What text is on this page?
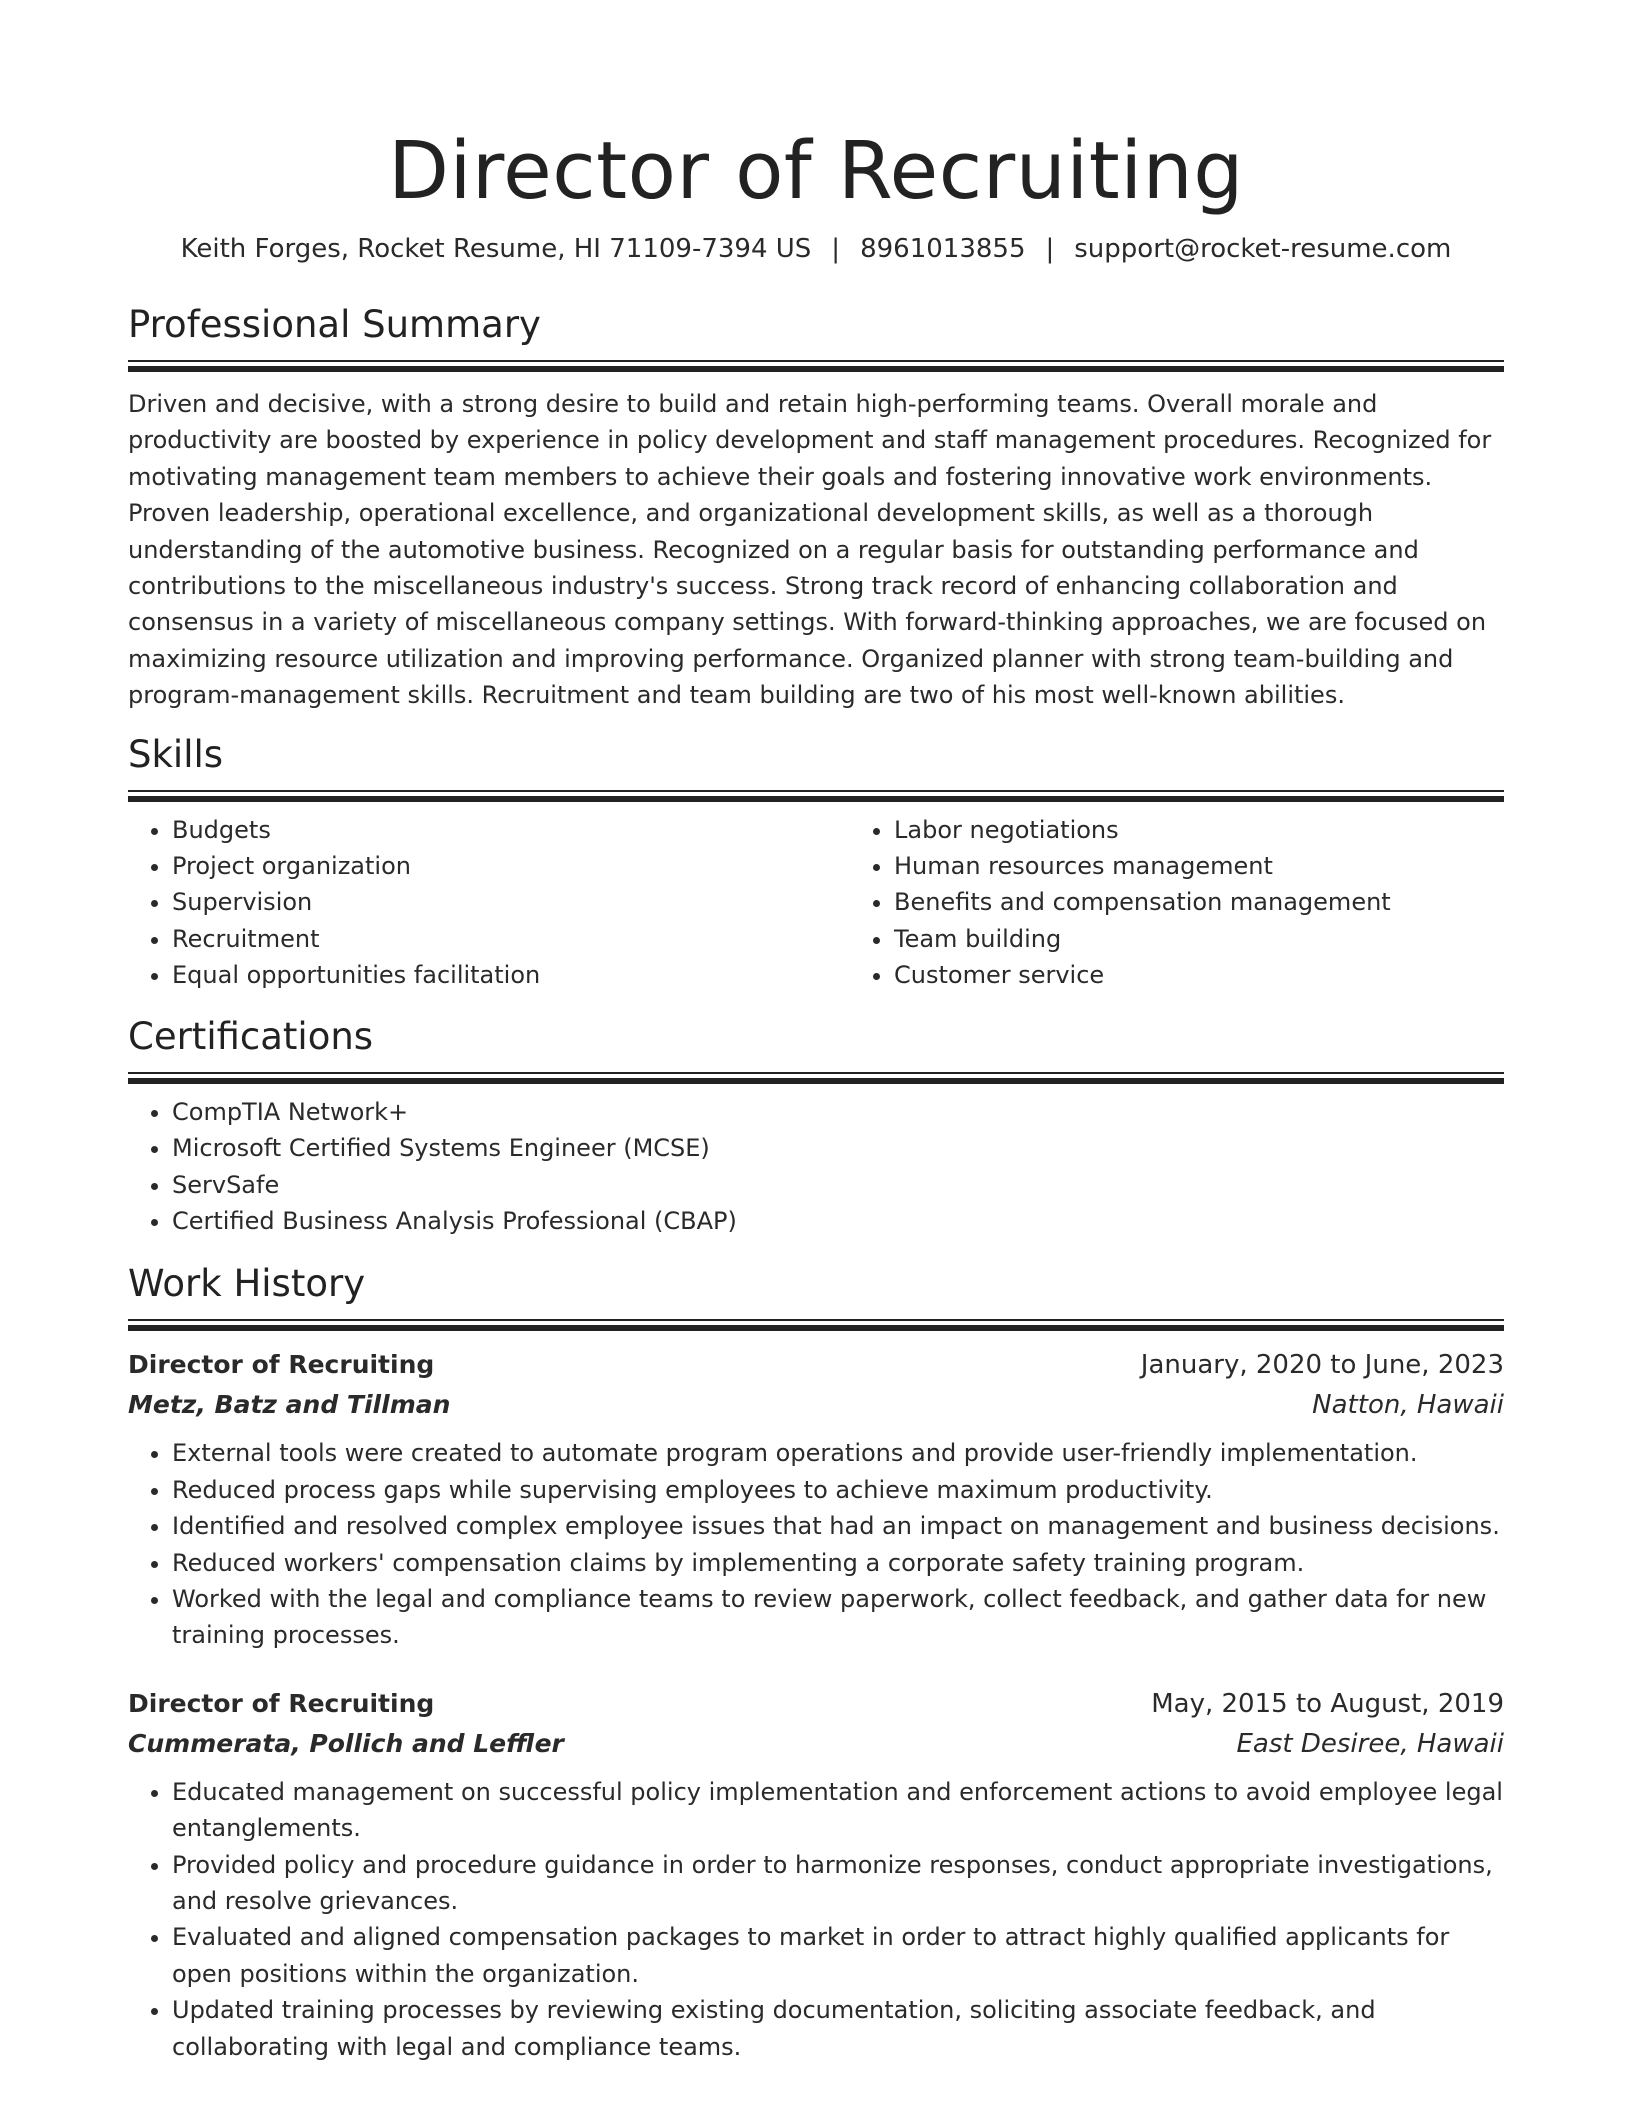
Director of Recruiting
Keith Forges, Rocket Resume, HI 71109-7394 US | 8961013855 | support@rocket-resume.com
Professional Summary

Driven and decisive, with a strong desire to build and retain high-performing teams. Overall morale and productivity are boosted by experience in policy development and staff management procedures. Recognized for motivating management team members to achieve their goals and fostering innovative work environments. Proven leadership, operational excellence, and organizational development skills, as well as a thorough understanding of the automotive business. Recognized on a regular basis for outstanding performance and contributions to the miscellaneous industry's success. Strong track record of enhancing collaboration and consensus in a variety of miscellaneous company settings. With forward-thinking approaches, we are focused on maximizing resource utilization and improving performance. Organized planner with strong team-building and program-management skills. Recruitment and team building are two of his most well-known abilities.

Skills
• Budgets
• Project organization
• Supervision
• Recruitment
• Equal opportunities facilitation
• Labor negotiations
• Human resources management
• Benefits and compensation management
• Team building
• Customer service
Certifications
• CompTIA Network+
• Microsoft Certified Systems Engineer (MCSE)
• ServSafe
• Certified Business Analysis Professional (CBAP)
Work History
Director of Recruiting	January, 2020 to June, 2023
Metz, Batz and Tillman	Natton, Hawaii
• External tools were created to automate program operations and provide user-friendly implementation.
• Reduced process gaps while supervising employees to achieve maximum productivity.
• Identified and resolved complex employee issues that had an impact on management and business decisions.
• Reduced workers' compensation claims by implementing a corporate safety training program.
• Worked with the legal and compliance teams to review paperwork, collect feedback, and gather data for new training processes.
Director of Recruiting	May, 2015 to August, 2019
Cummerata, Pollich and Leffler	East Desiree, Hawaii
• Educated management on successful policy implementation and enforcement actions to avoid employee legal entanglements.
• Provided policy and procedure guidance in order to harmonize responses, conduct appropriate investigations, and resolve grievances.
• Evaluated and aligned compensation packages to market in order to attract highly qualified applicants for open positions within the organization.
• Updated training processes by reviewing existing documentation, soliciting associate feedback, and collaborating with legal and compliance teams.
